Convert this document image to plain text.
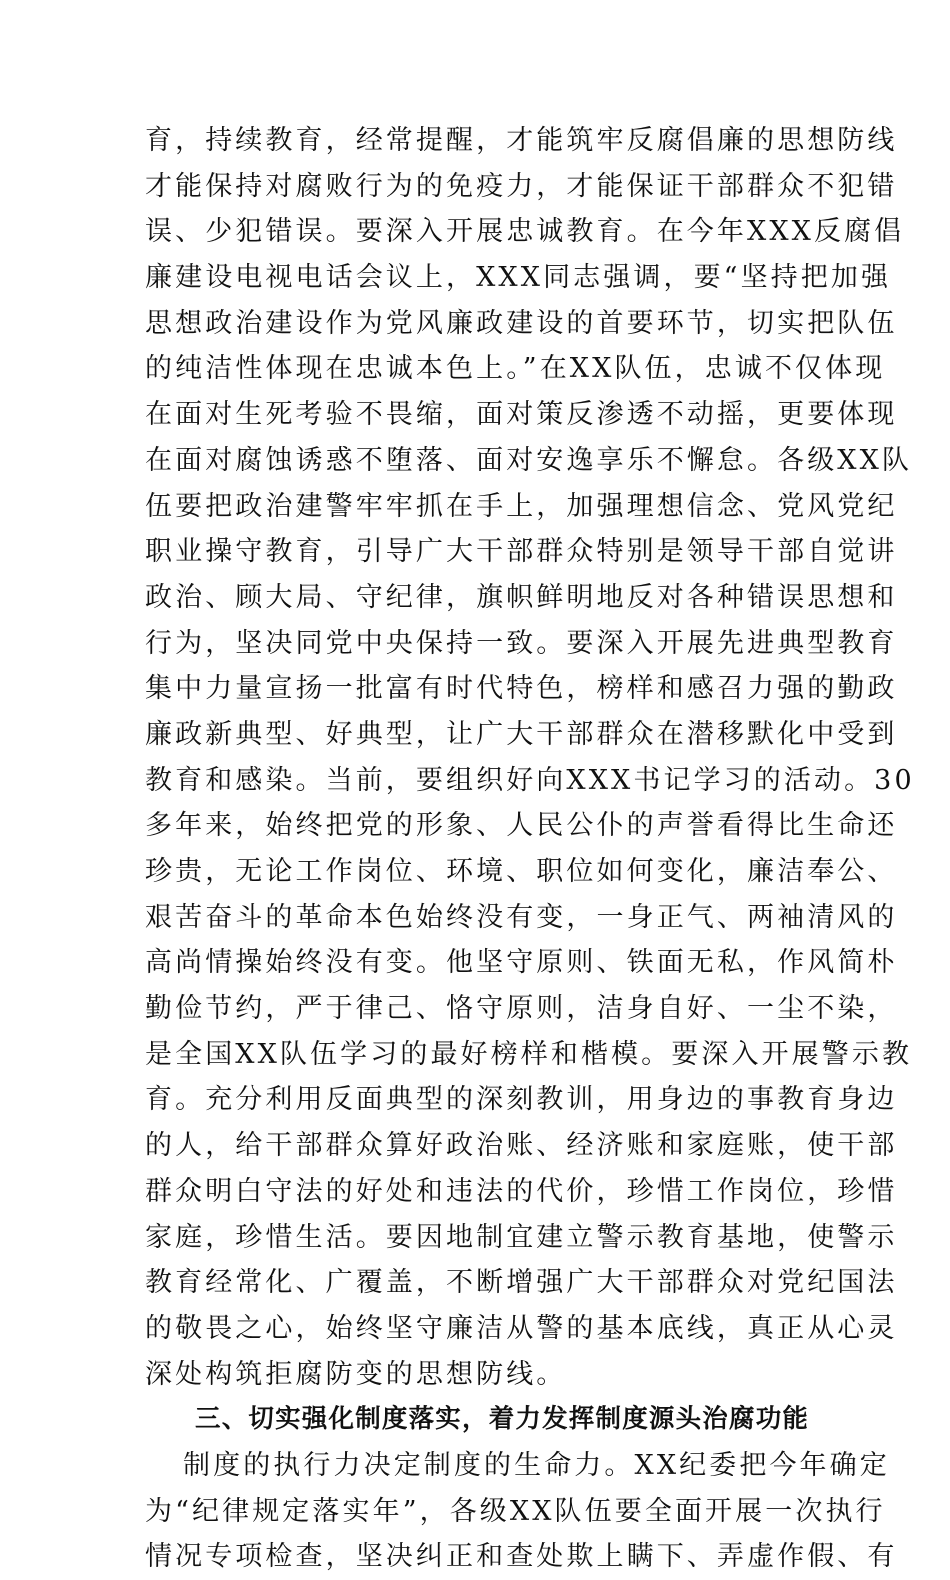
育，持续教育，经常提醒，才能筑牢反腐倡廉的思想防线
才能保持对腐败行为的免疫力，才能保证干部群众不犯错
误、少犯错误。要深入开展忠诚教育。在今年XXX反腐倡
廉建设电视电话会议上，XXX同志强调，要“坚持把加强
思想政治建设作为党风廉政建设的首要环节，切实把队伍
的纯洁性体现在忠诚本色上。”在XX队伍，忠诚不仅体现
在面对生死考验不畏缩，面对策反渗透不动摇，更要体现
在面对腐蚀诱惑不堕落、面对安逸享乐不懈怠。各级XX队
伍要把政治建警牢牢抓在手上，加强理想信念、党风党纪
职业操守教育，引导广大干部群众特别是领导干部自觉讲
政治、顾大局、守纪律，旗帜鲜明地反对各种错误思想和
行为，坚决同党中央保持一致。要深入开展先进典型教育
集中力量宣扬一批富有时代特色，榜样和感召力强的勤政
廉政新典型、好典型，让广大干部群众在潜移默化中受到
教育和感染。当前，要组织好向XXX书记学习的活动。30
多年来，始终把党的形象、人民公仆的声誉看得比生命还
珍贵，无论工作岗位、环境、职位如何变化，廉洁奉公、
艰苦奋斗的革命本色始终没有变，一身正气、两袖清风的
高尚情操始终没有变。他坚守原则、铁面无私，作风简朴
勤俭节约，严于律己、恪守原则，洁身自好、一尘不染，
是全国XX队伍学习的最好榜样和楷模。要深入开展警示教
育。充分利用反面典型的深刻教训，用身边的事教育身边
的人，给干部群众算好政治账、经济账和家庭账，使干部
群众明白守法的好处和违法的代价，珍惜工作岗位，珍惜
家庭，珍惜生活。要因地制宜建立警示教育基地，使警示
教育经常化、广覆盖，不断增强广大干部群众对党纪国法
的敬畏之心，始终坚守廉洁从警的基本底线，真正从心灵
深处构筑拒腐防变的思想防线。
三、切实强化制度落实，着力发挥制度源头治腐功能
制度的执行力决定制度的生命力。XX纪委把今年确定
为“纪律规定落实年”，各级XX队伍要全面开展一次执行
情况专项检查，坚决纠正和查处欺上瞒下、弄虚作假、有
